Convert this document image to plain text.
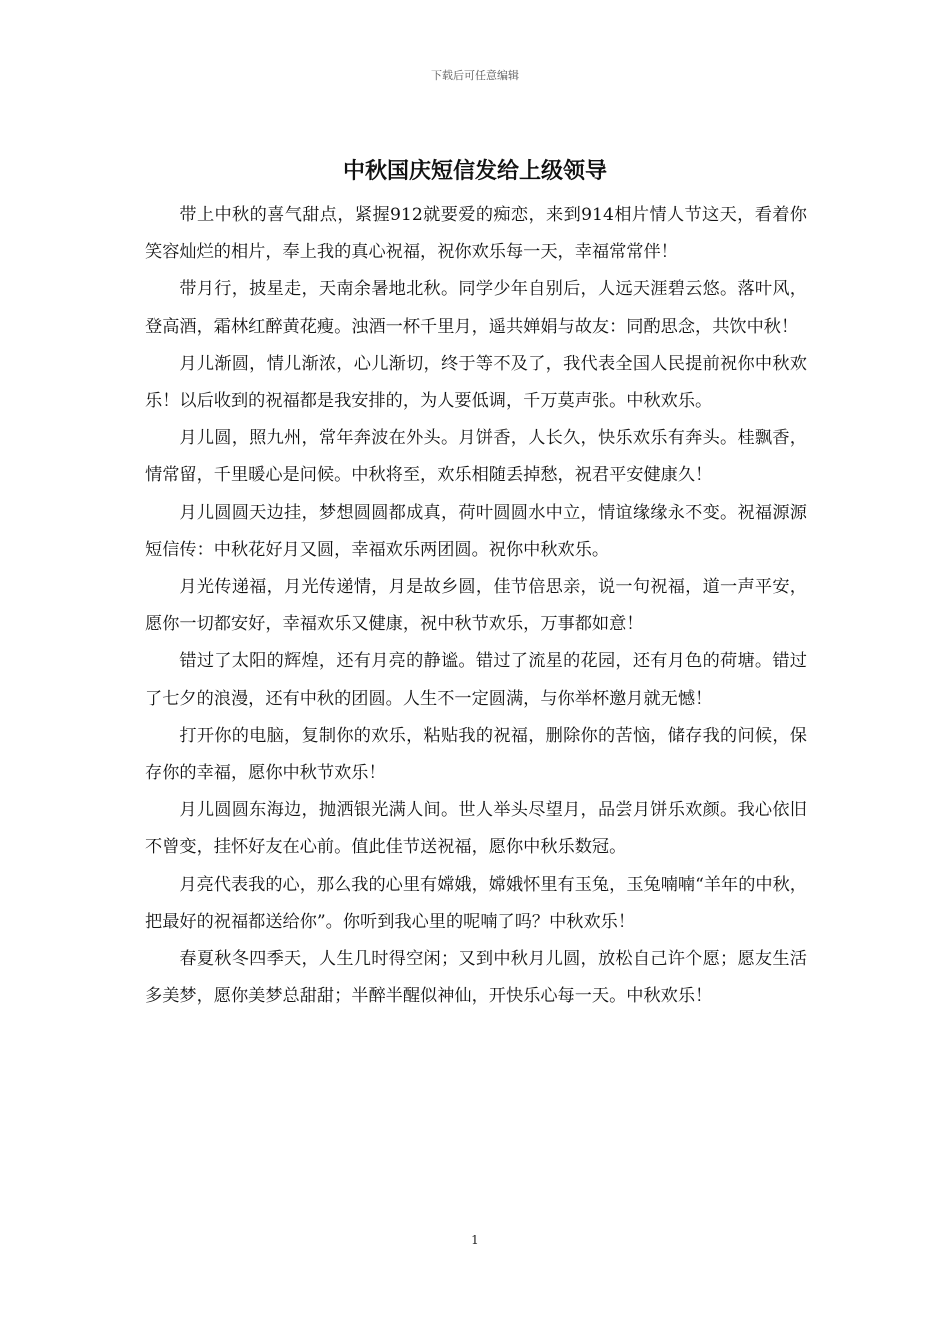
下载后可任意编辑
中秋国庆短信发给上级领导

带上中秋的喜气甜点，紧握912就要爱的痴恋，来到914相片情人节这天，看着你笑容灿烂的相片，奉上我的真心祝福，祝你欢乐每一天，幸福常常伴！

带月行，披星走，天南余暑地北秋。同学少年自别后，人远天涯碧云悠。落叶风，登高酒，霜林红醉黄花瘦。浊酒一杯千里月，遥共婵娟与故友：同酌思念，共饮中秋！

月儿渐圆，情儿渐浓，心儿渐切，终于等不及了，我代表全国人民提前祝你中秋欢乐！以后收到的祝福都是我安排的，为人要低调，千万莫声张。中秋欢乐。

月儿圆，照九州，常年奔波在外头。月饼香，人长久，快乐欢乐有奔头。桂飘香，情常留，千里暖心是问候。中秋将至，欢乐相随丢掉愁，祝君平安健康久！

月儿圆圆天边挂，梦想圆圆都成真，荷叶圆圆水中立，情谊缘缘永不变。祝福源源短信传：中秋花好月又圆，幸福欢乐两团圆。祝你中秋欢乐。

月光传递福，月光传递情，月是故乡圆，佳节倍思亲，说一句祝福，道一声平安，愿你一切都安好，幸福欢乐又健康，祝中秋节欢乐，万事都如意！

错过了太阳的辉煌，还有月亮的静谧。错过了流星的花园，还有月色的荷塘。错过了七夕的浪漫，还有中秋的团圆。人生不一定圆满，与你举杯邀月就无憾！

打开你的电脑，复制你的欢乐，粘贴我的祝福，删除你的苦恼，储存我的问候，保存你的幸福，愿你中秋节欢乐！

月儿圆圆东海边，抛洒银光满人间。世人举头尽望月，品尝月饼乐欢颜。我心依旧不曾变，挂怀好友在心前。值此佳节送祝福，愿你中秋乐数冠。

月亮代表我的心，那么我的心里有嫦娥，嫦娥怀里有玉兔，玉兔喃喃“羊年的中秋，把最好的祝福都送给你”。你听到我心里的呢喃了吗？中秋欢乐！

春夏秋冬四季天，人生几时得空闲；又到中秋月儿圆，放松自己许个愿；愿友生活多美梦，愿你美梦总甜甜；半醉半醒似神仙，开快乐心每一天。中秋欢乐！

1
